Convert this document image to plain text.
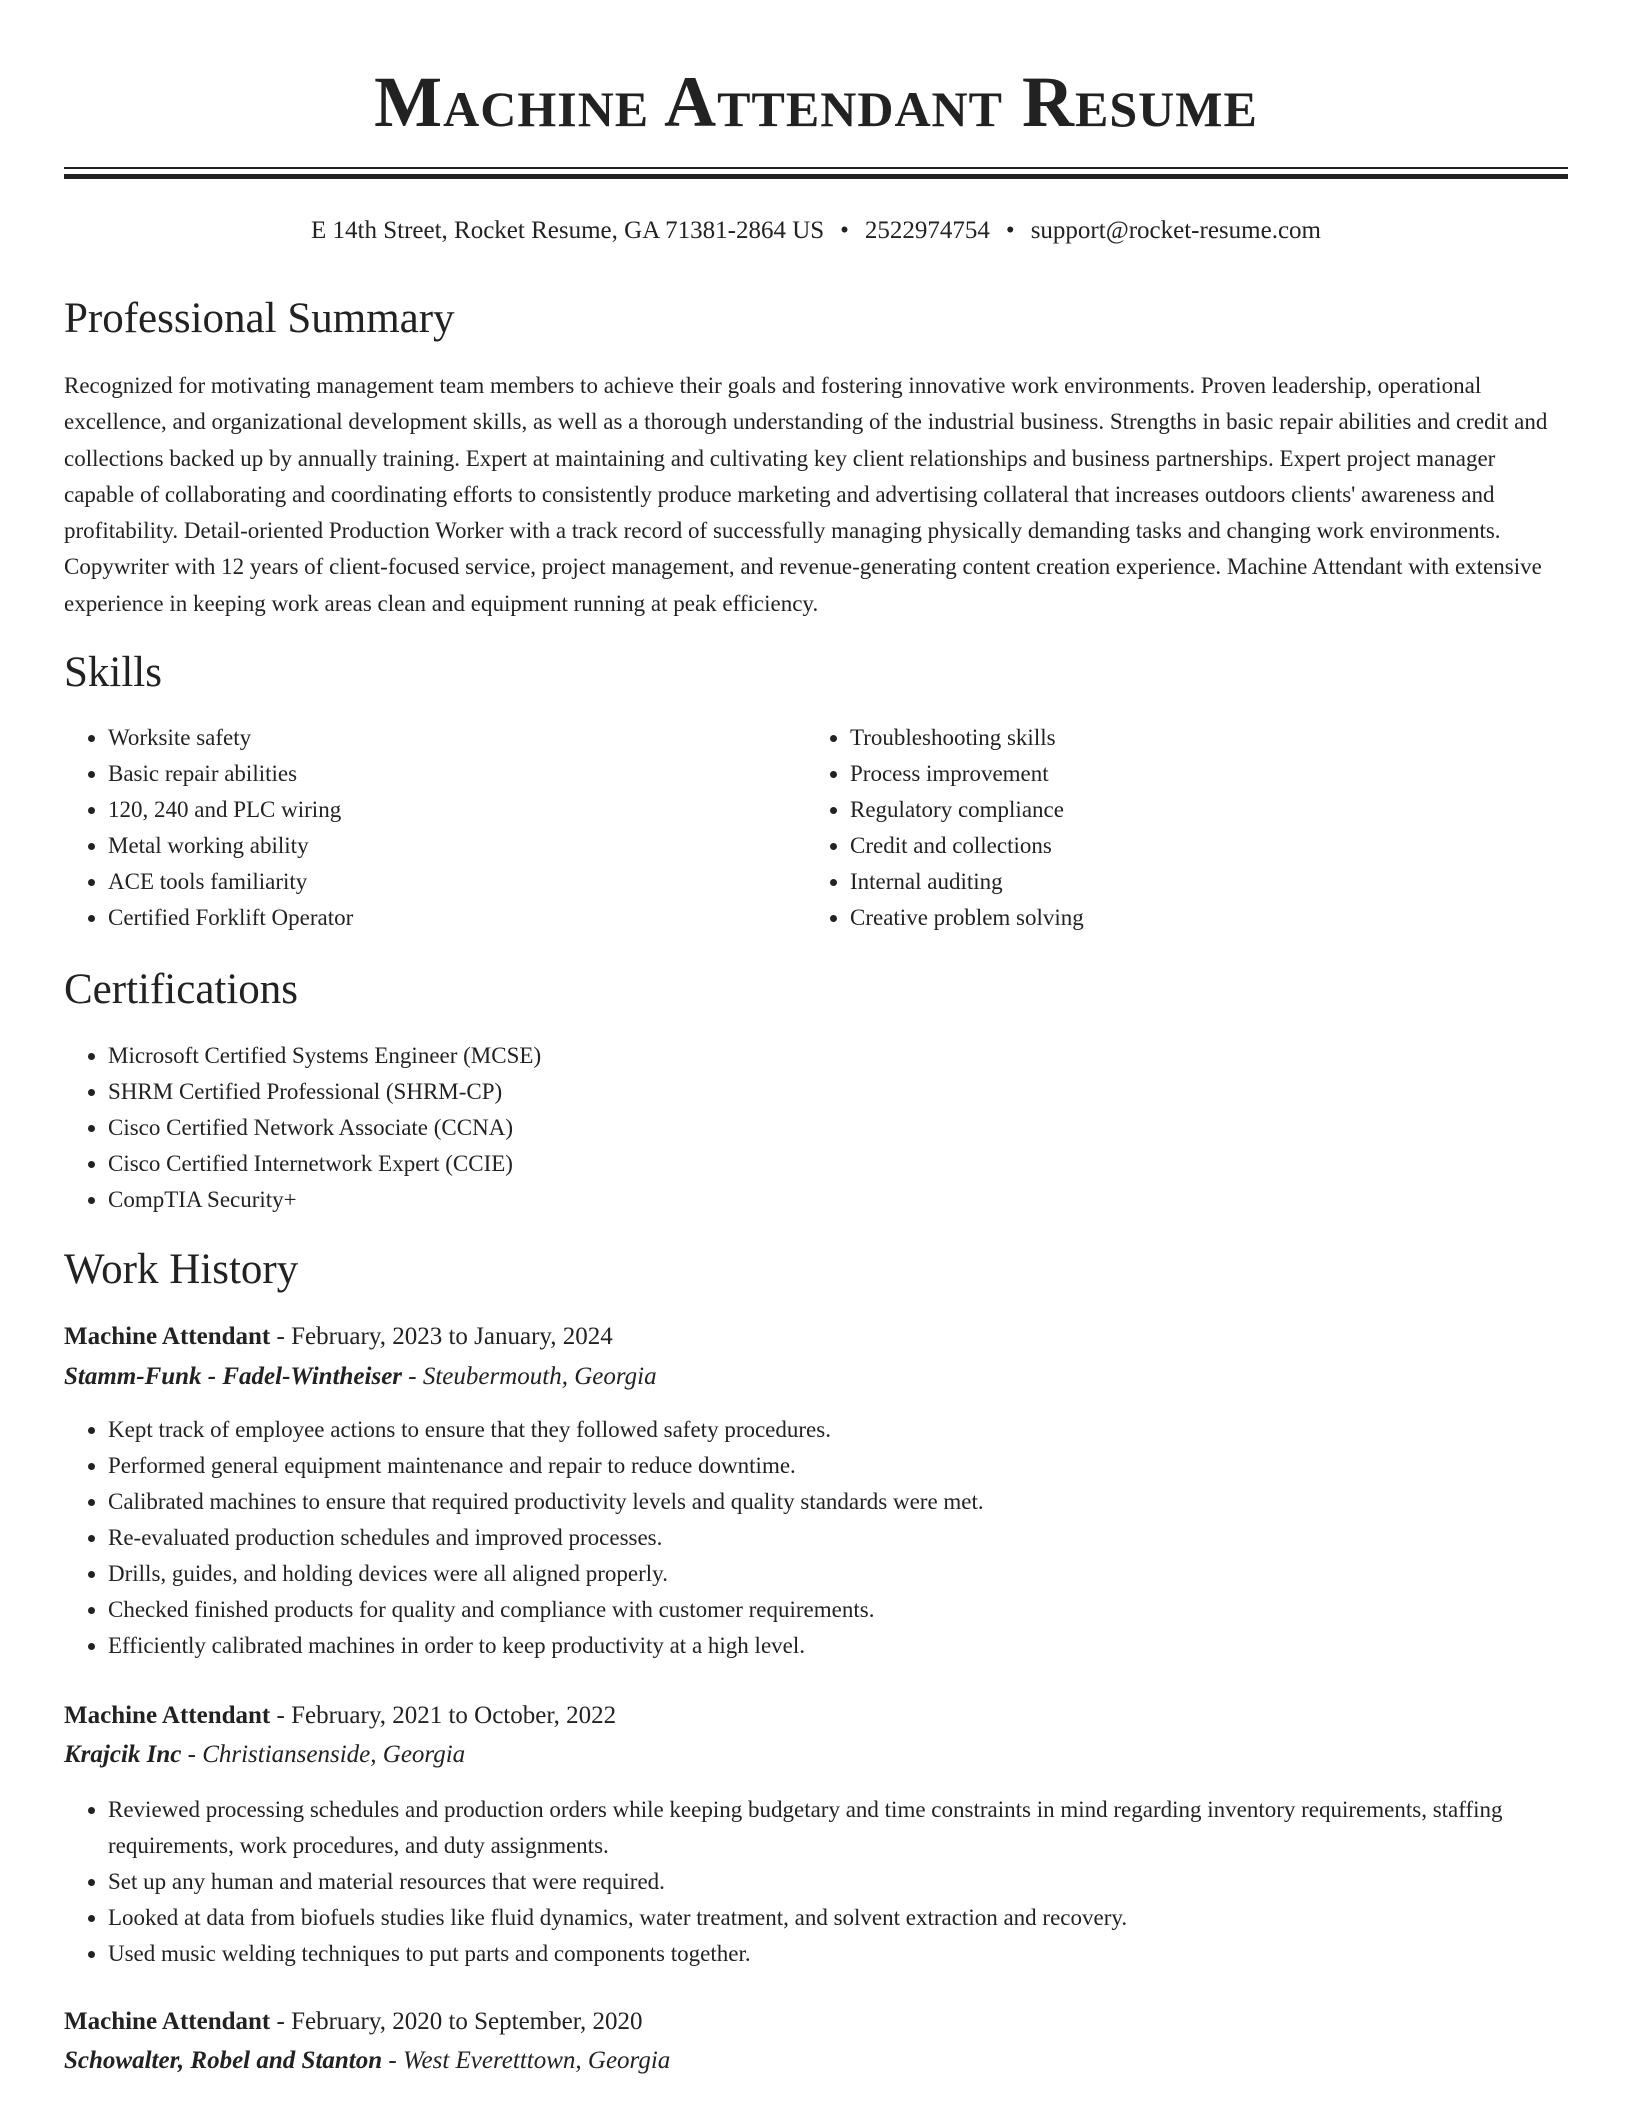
Machine Attendant Resume
E 14th Street, Rocket Resume, GA 71381-2864 US • 2522974754 • support@rocket-resume.com
Professional Summary

Recognized for motivating management team members to achieve their goals and fostering innovative work environments. Proven leadership, operational excellence, and organizational development skills, as well as a thorough understanding of the industrial business. Strengths in basic repair abilities and credit and collections backed up by annually training. Expert at maintaining and cultivating key client relationships and business partnerships. Expert project manager capable of collaborating and coordinating efforts to consistently produce marketing and advertising collateral that increases outdoors clients' awareness and profitability. Detail-oriented Production Worker with a track record of successfully managing physically demanding tasks and changing work environments. Copywriter with 12 years of client-focused service, project management, and revenue-generating content creation experience. Machine Attendant with extensive experience in keeping work areas clean and equipment running at peak efficiency.

Skills
• Worksite safety
• Basic repair abilities
• 120, 240 and PLC wiring
• Metal working ability
• ACE tools familiarity
• Certified Forklift Operator
• Troubleshooting skills
• Process improvement
• Regulatory compliance
• Credit and collections
• Internal auditing
• Creative problem solving
Certifications
• Microsoft Certified Systems Engineer (MCSE)
• SHRM Certified Professional (SHRM-CP)
• Cisco Certified Network Associate (CCNA)
• Cisco Certified Internetwork Expert (CCIE)
• CompTIA Security+
Work History
Machine Attendant - February, 2023 to January, 2024
Stamm-Funk - Fadel-Wintheiser - Steubermouth, Georgia
• Kept track of employee actions to ensure that they followed safety procedures.
• Performed general equipment maintenance and repair to reduce downtime.
• Calibrated machines to ensure that required productivity levels and quality standards were met.
• Re-evaluated production schedules and improved processes.
• Drills, guides, and holding devices were all aligned properly.
• Checked finished products for quality and compliance with customer requirements.
• Efficiently calibrated machines in order to keep productivity at a high level.
Machine Attendant - February, 2021 to October, 2022
Krajcik Inc - Christiansenside, Georgia
• Reviewed processing schedules and production orders while keeping budgetary and time constraints in mind regarding inventory requirements, staffing requirements, work procedures, and duty assignments.
• Set up any human and material resources that were required.
• Looked at data from biofuels studies like fluid dynamics, water treatment, and solvent extraction and recovery.
• Used music welding techniques to put parts and components together.
Machine Attendant - February, 2020 to September, 2020
Schowalter, Robel and Stanton - West Everetttown, Georgia
